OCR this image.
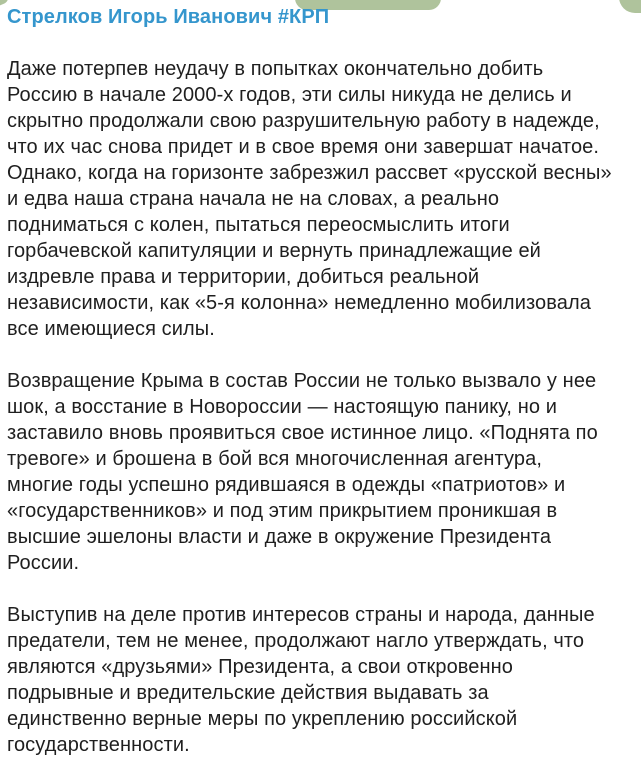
Стрелков Игорь Иванович #КРП
Даже потерпев неудачу в попытках окончательно добить
Россию в начале 2000-х годов, эти силы никуда не делись и
скрытно продолжали свою разрушительную работу в надежде,
что их час снова придет и в свое время они завершат начатое.
Однако, когда на горизонте забрезжил рассвет «русской весны»
и едва наша страна начала не на словах, а реально
подниматься с колен, пытаться переосмыслить итоги
горбачевской капитуляции и вернуть принадлежащие ей
издревле права и территории, добиться реальной
независимости, как «5-я колонна» немедленно мобилизовала
все имеющиеся силы.
Возвращение Крыма в состав России не только вызвало у нее
шок, а восстание в Новороссии — настоящую панику, но и
заставило вновь проявиться свое истинное лицо. «Поднята по
тревоге» и брошена в бой вся многочисленная агентура,
многие годы успешно рядившаяся в одежды «патриотов» и
«государственников» и под этим прикрытием проникшая в
высшие эшелоны власти и даже в окружение Президента
России.
Выступив на деле против интересов страны и народа, данные
предатели, тем не менее, продолжают нагло утверждать, что
являются «друзьями» Президента, а свои откровенно
подрывные и вредительские действия выдавать за
единственно верные меры по укреплению российской
государственности.
